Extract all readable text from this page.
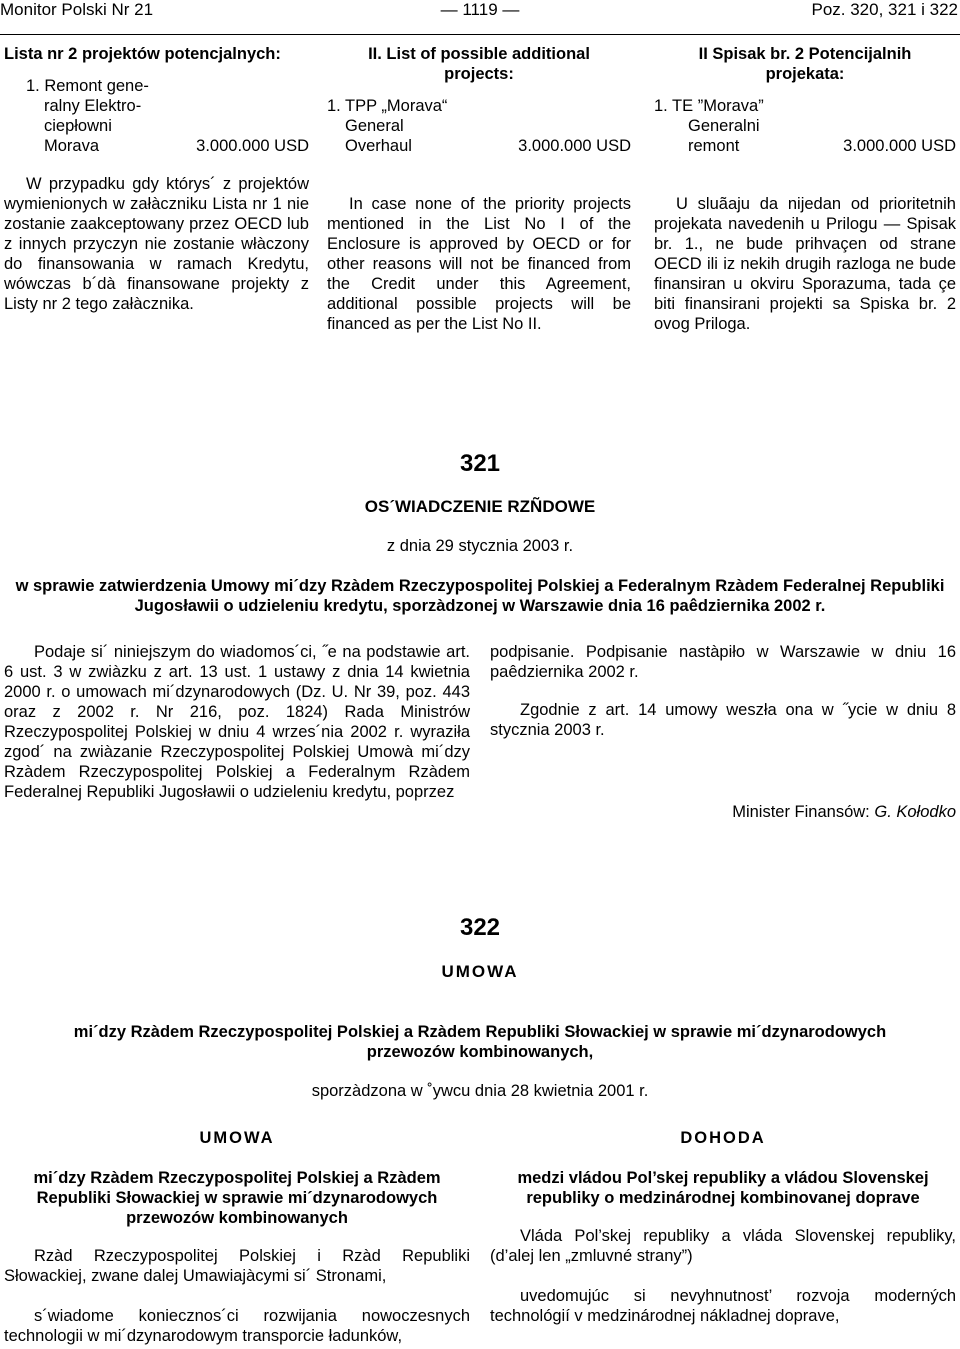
Monitor Polski Nr 21	— 1119 —	Poz. 320, 321 i 322
Lista nr 2 projektów potencjalnych:
1. Remont gene-
ralny Elektro-
ciepłowni
Morava	3.000.000 USD

W przypadku gdy którys´ z projektów wymienionych w załàczniku Lista nr 1 nie zostanie zaakceptowany przez OECD lub z innych przyczyn nie zostanie włàczony do finansowania w ramach Kredytu, wówczas b´dà finansowane projekty z Listy nr 2 tego załàcznika.

II. List of possible additional
projects:
1. TPP „Morava“
General
Overhaul	3.000.000 USD

In case none of the priority projects mentioned in the List No I of the Enclosure is approved by OECD or for other reasons will not be financed from the Credit under this Agreement, additional possible projects will be financed as per the List No II.

II Spisak br. 2 Potencijalnih
projekata:
1. TE ”Morava”
Generalni
remont	3.000.000 USD

U sluãaju da nijedan od prioritetnih projekata navedenih u Prilogu — Spisak br. 1., ne bude prihvaçen od strane OECD ili iz nekih drugih razloga ne bude finansiran u okviru Sporazuma, tada çe biti finansirani projekti sa Spiska br. 2 ovog Priloga.

321
OS´WIADCZENIE RZÑDOWE
z dnia 29 stycznia 2003 r.
w sprawie zatwierdzenia Umowy mi´dzy Rzàdem Rzeczypospolitej Polskiej a Federalnym Rzàdem Federalnej Republiki Jugosławii o udzieleniu kredytu, sporzàdzonej w Warszawie dnia 16 paêdziernika 2002 r.

Podaje si´ niniejszym do wiadomos´ci, ˝e na podstawie art. 6 ust. 3 w zwiàzku z art. 13 ust. 1 ustawy z dnia 14 kwietnia 2000 r. o umowach mi´dzynarodowych (Dz. U. Nr 39, poz. 443 oraz z 2002 r. Nr 216, poz. 1824) Rada Ministrów Rzeczypospolitej Polskiej w dniu 4 wrzes´nia 2002 r. wyraziła zgod´ na zwiàzanie Rzeczypospolitej Polskiej Umowà mi´dzy Rzàdem Rzeczypospolitej Polskiej a Federalnym Rzàdem Federalnej Republiki Jugosławii o udzieleniu kredytu, poprzez

podpisanie. Podpisanie nastàpiło w Warszawie w dniu 16 paêdziernika 2002 r.

Zgodnie z art. 14 umowy weszła ona w ˝ycie w dniu 8 stycznia 2003 r.

Minister Finansów: G. Kołodko
322
UMOWA
mi´dzy Rzàdem Rzeczypospolitej Polskiej a Rzàdem Republiki Słowackiej w sprawie mi´dzynarodowych przewozów kombinowanych,
sporzàdzona w ˚ywcu dnia 28 kwietnia 2001 r.
UMOWA
mi´dzy Rzàdem Rzeczypospolitej Polskiej a Rzàdem Republiki Słowackiej w sprawie mi´dzynarodowych przewozów kombinowanych

Rzàd Rzeczypospolitej Polskiej i Rzàd Republiki Słowackiej, zwane dalej Umawiajàcymi si´ Stronami,

s´wiadome koniecznos´ci rozwijania nowoczesnych technologii w mi´dzynarodowym transporcie ładunków,

DOHODA
medzi vládou Pol’skej republiky a vládou Slovenskej republiky o medzinárodnej kombinovanej doprave

Vláda Pol’skej republiky a vláda Slovenskej republiky, (d’alej len „zmluvné strany”)

uvedomujúc si nevyhnutnost’ rozvoja moderných technológií v medzinárodnej nákladnej doprave,
